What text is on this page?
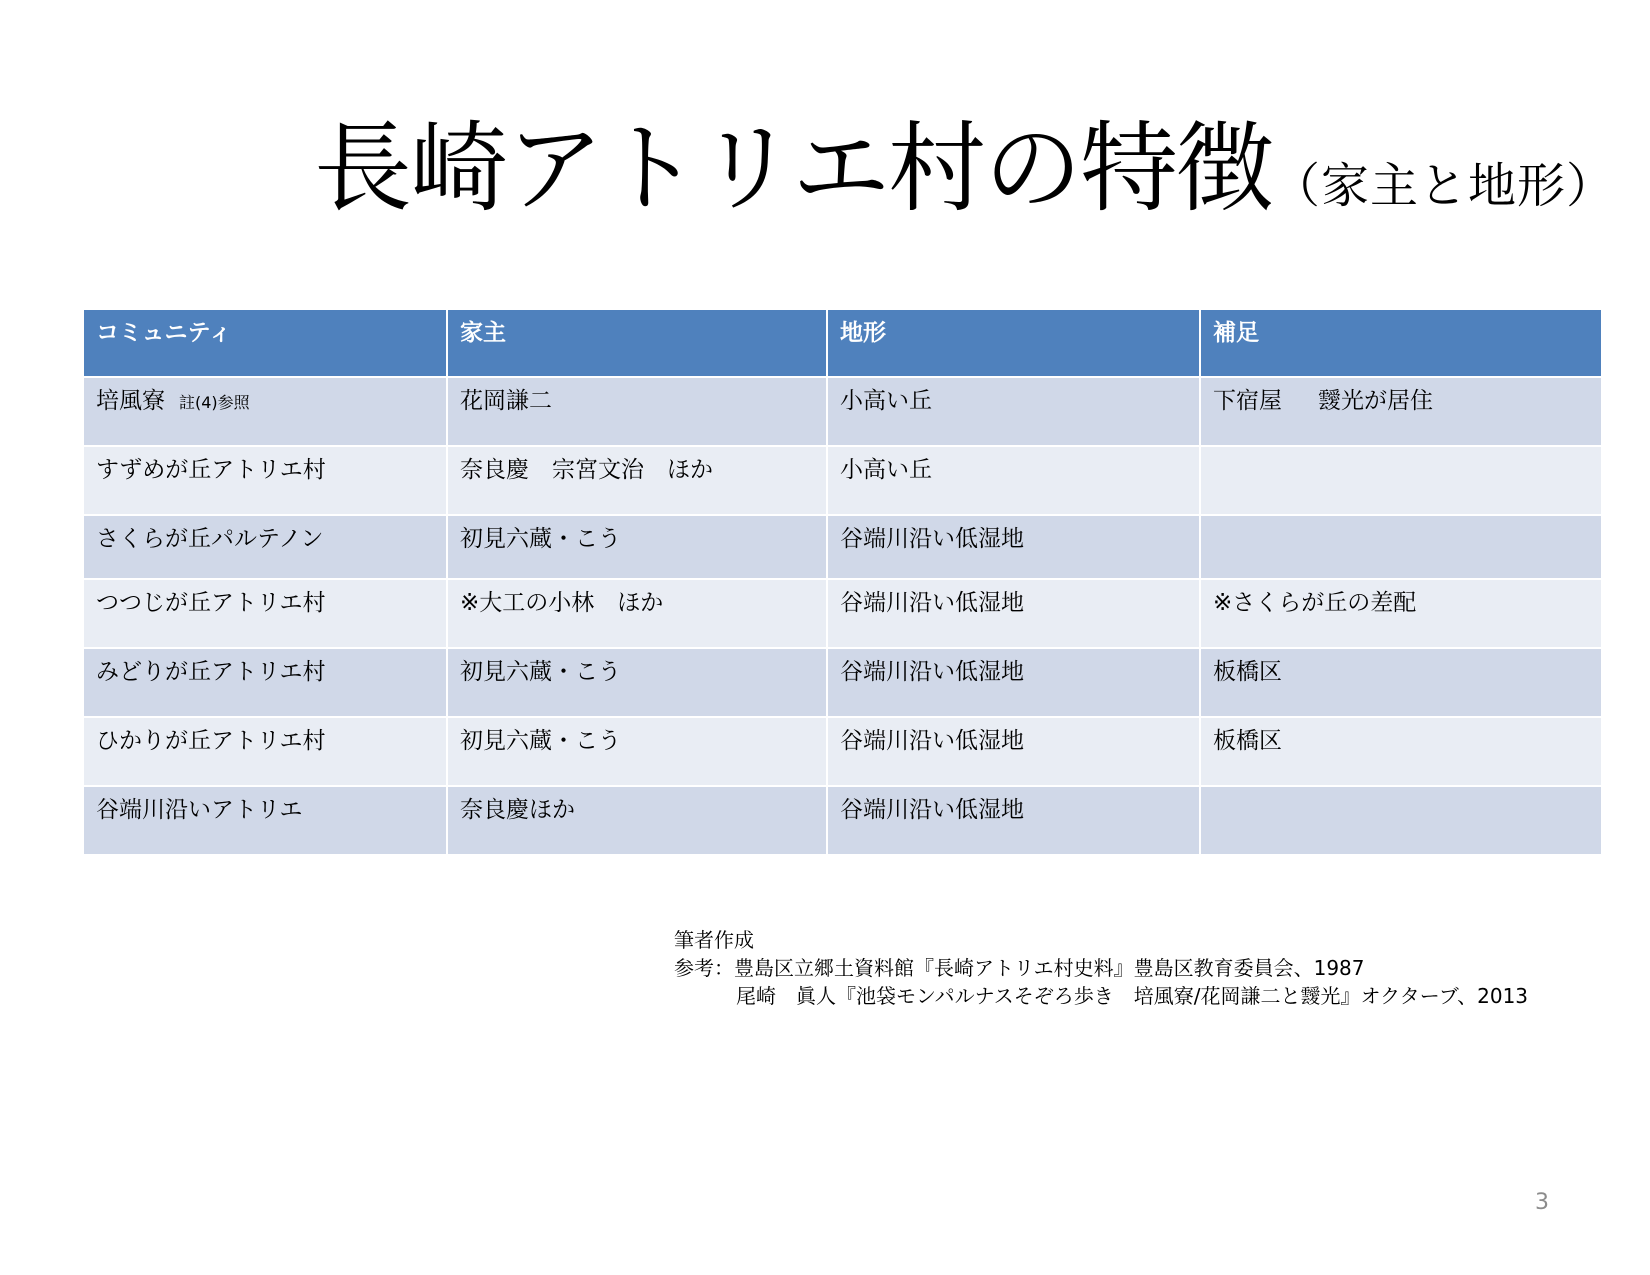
長崎アトリエ村の特徴（家主と地形）
コミュニティ	家主	地形	補足
培風寮 註(4)参照	花岡謙二	小高い丘	下宿屋 靉光が居住
すずめが丘アトリエ村	奈良慶　宗宮文治　ほか	小高い丘	
さくらが丘パルテノン	初見六蔵・こう	谷端川沿い低湿地	
つつじが丘アトリエ村	※大工の小林　ほか	谷端川沿い低湿地	※さくらが丘の差配
みどりが丘アトリエ村	初見六蔵・こう	谷端川沿い低湿地	板橋区
ひかりが丘アトリエ村	初見六蔵・こう	谷端川沿い低湿地	板橋区
谷端川沿いアトリエ	奈良慶ほか	谷端川沿い低湿地	
筆者作成
参考：豊島区立郷土資料館『長崎アトリエ村史料』豊島区教育委員会、1987
尾崎　眞人『池袋モンパルナスそぞろ歩き　培風寮/花岡謙二と靉光』オクターブ、2013
3
